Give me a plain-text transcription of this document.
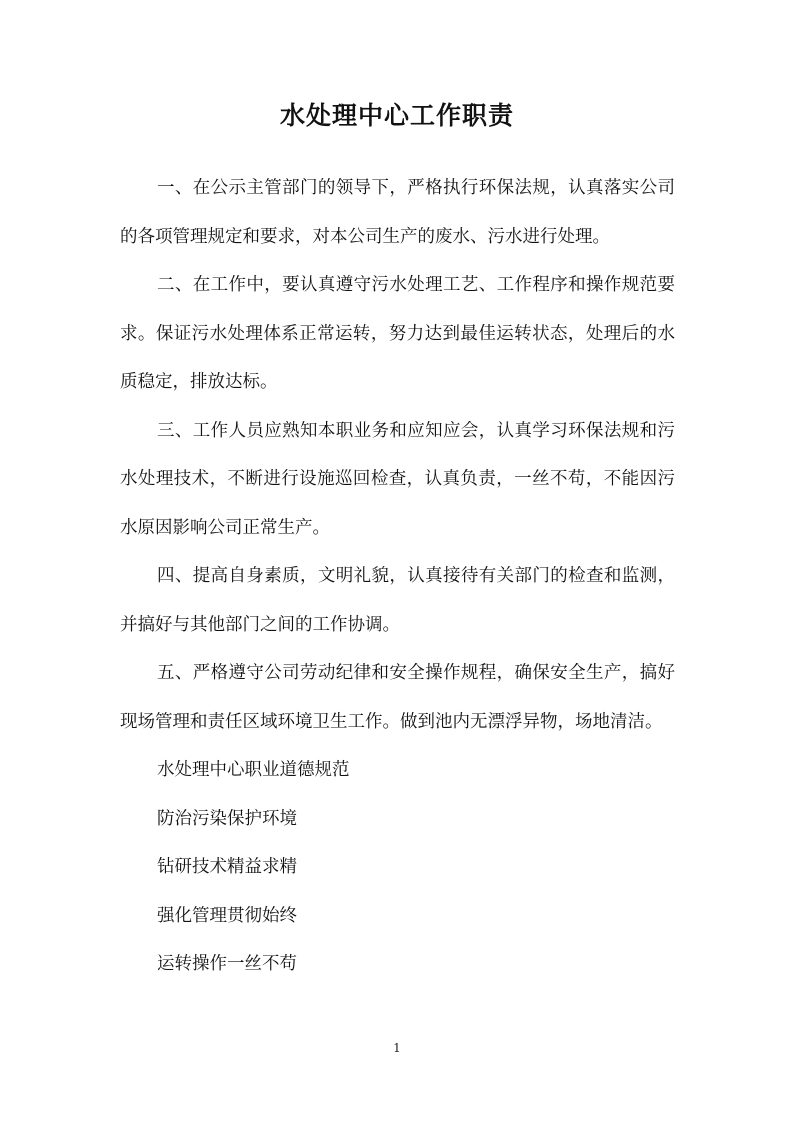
水处理中心工作职责

一、在公示主管部门的领导下，严格执行环保法规，认真落实公司的各项管理规定和要求，对本公司生产的废水、污水进行处理。

二、在工作中，要认真遵守污水处理工艺、工作程序和操作规范要求。保证污水处理体系正常运转，努力达到最佳运转状态，处理后的水质稳定，排放达标。

三、工作人员应熟知本职业务和应知应会，认真学习环保法规和污水处理技术，不断进行设施巡回检查，认真负责，一丝不苟，不能因污水原因影响公司正常生产。

四、提高自身素质，文明礼貌，认真接待有关部门的检查和监测，并搞好与其他部门之间的工作协调。

五、严格遵守公司劳动纪律和安全操作规程，确保安全生产，搞好现场管理和责任区域环境卫生工作。做到池内无漂浮异物，场地清洁。

水处理中心职业道德规范
防治污染保护环境
钻研技术精益求精
强化管理贯彻始终
运转操作一丝不苟
1
